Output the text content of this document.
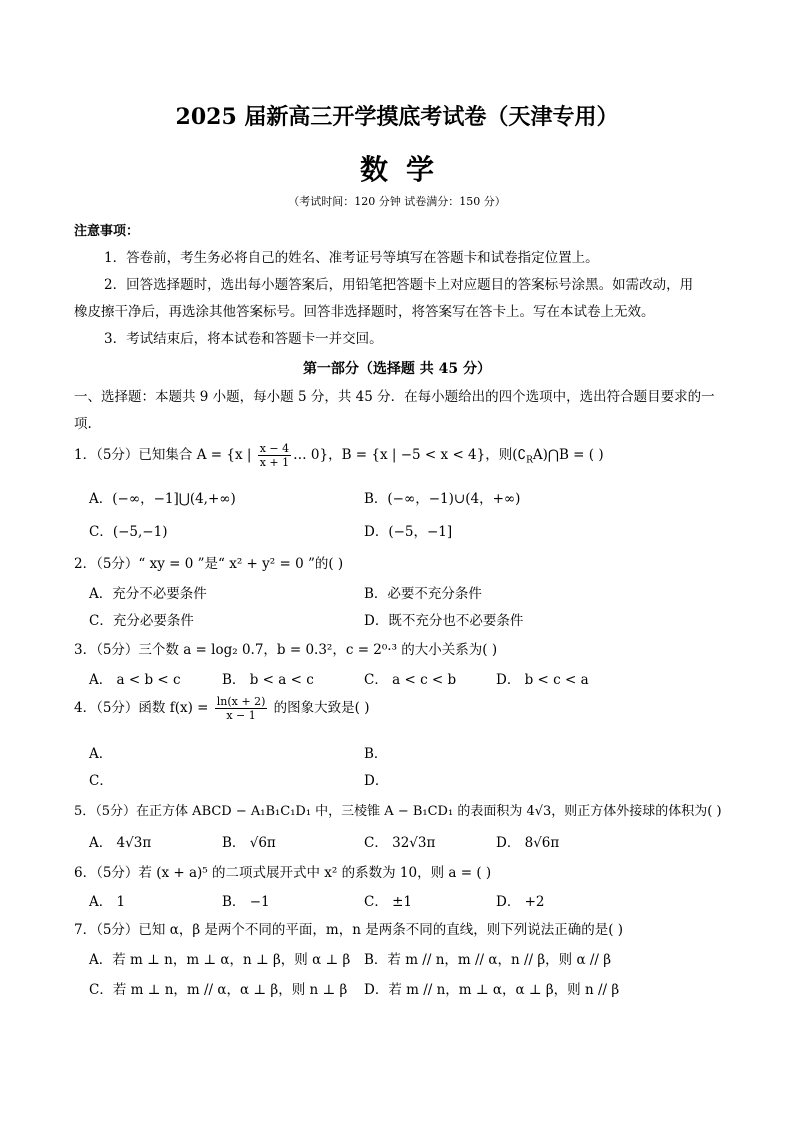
2025 届新高三开学摸底考试卷（天津专用）
数学
（考试时间：120 分钟 试卷满分：150 分）
注意事项：
1．答卷前，考生务必将自己的姓名、准考证号等填写在答题卡和试卷指定位置上。
2．回答选择题时，选出每小题答案后，用铅笔把答题卡上对应题目的答案标号涂黑。如需改动，用
橡皮擦干净后，再选涂其他答案标号。回答非选择题时，将答案写在答卡上。写在本试卷上无效。
3．考试结束后，将本试卷和答题卡一并交回。
第一部分（选择题 共 45 分）
一、选择题：本题共 9 小题，每小题 5 分，共 45 分．在每小题给出的四个选项中，选出符合题目要求的一
项.
1．（5分）已知集合 A = {x | $\frac{x - 4}{x + 1}$ … 0}，B = {x | −5 < x < 4}，则$(∁_RA)⋂B$ = ( )
A．(−∞，−1]⋃(4,+∞)	B．(−∞，−1)∪(4，+∞)
C．(−5,−1)	D．(−5，−1]
2．（5分）“ xy = 0 ”是“ x² + y² = 0 ”的( )
A．充分不必要条件	B．必要不充分条件
C．充分必要条件	D．既不充分也不必要条件
3．（5分）三个数 a = log₂ 0.7，b = 0.3²，c = 2⁰·³ 的大小关系为( )
A． a < b < c	B． b < a < c	C． a < c < b	D． b < c < a
4．（5分）函数 $f(x) = \frac{\ln(x + 2)}{x - 1}$ 的图象大致是( )
A．	B．
C．	D．
5．（5分）在正方体 ABCD − A₁B₁C₁D₁ 中，三棱锥 A − B₁CD₁ 的表面积为 4√3，则正方体外接球的体积为( )
A． 4√3π	B． √6π	C． 32√3π	D． 8√6π
6．（5分）若 (x + a)⁵ 的二项式展开式中 x² 的系数为 10，则 a = ( )
A． 1	B． −1	C． ±1	D． +2
7．（5分）已知 α，β 是两个不同的平面，m，n 是两条不同的直线，则下列说法正确的是( )
A．若 m ⊥ n，m ⊥ α，n ⊥ β，则 α ⊥ β B．若 m // n，m // α，n // β，则 α // β
C．若 m ⊥ n，m // α，α ⊥ β，则 n ⊥ β D．若 m // n，m ⊥ α，α ⊥ β，则 n // β
